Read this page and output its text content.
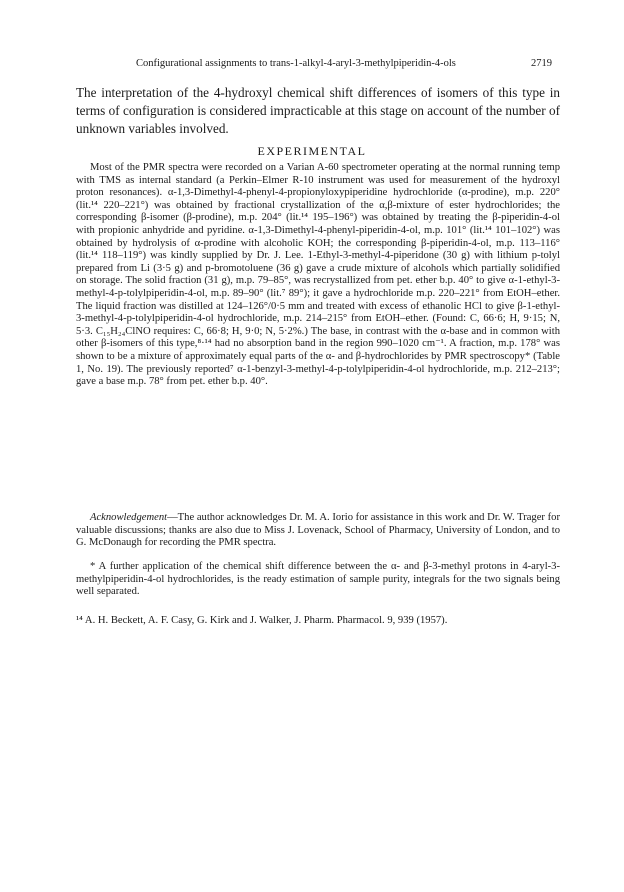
Configurational assignments to trans-1-alkyl-4-aryl-3-methylpiperidin-4-ols	2719
The interpretation of the 4-hydroxyl chemical shift differences of isomers of this type in terms of configuration is considered impracticable at this stage on account of the number of unknown variables involved.
EXPERIMENTAL

Most of the PMR spectra were recorded on a Varian A-60 spectrometer operating at the normal running temp with TMS as internal standard (a Perkin–Elmer R-10 instrument was used for measurement of the hydroxyl proton resonances). α-1,3-Dimethyl-4-phenyl-4-propionyloxypiperidine hydrochloride (α-prodine), m.p. 220° (lit.¹⁴ 220–221°) was obtained by fractional crystallization of the α,β-mixture of ester hydrochlorides; the corresponding β-isomer (β-prodine), m.p. 204° (lit.¹⁴ 195–196°) was obtained by treating the β-piperidin-4-ol with propionic anhydride and pyridine. α-1,3-Dimethyl-4-phenyl-piperidin-4-ol, m.p. 101° (lit.¹⁴ 101–102°) was obtained by hydrolysis of α-prodine with alcoholic KOH; the corresponding β-piperidin-4-ol, m.p. 113–116° (lit.¹⁴ 118–119°) was kindly supplied by Dr. J. Lee. 1-Ethyl-3-methyl-4-piperidone (30 g) with lithium p-tolyl prepared from Li (3·5 g) and p-bromotoluene (36 g) gave a crude mixture of alcohols which partially solidified on storage. The solid fraction (31 g), m.p. 79–85°, was recrystallized from pet. ether b.p. 40° to give α-1-ethyl-3-methyl-4-p-tolylpiperidin-4-ol, m.p. 89–90° (lit.⁷ 89°); it gave a hydrochloride m.p. 220–221° from EtOH–ether. The liquid fraction was distilled at 124–126°/0·5 mm and treated with excess of ethanolic HCl to give β-1-ethyl-3-methyl-4-p-tolylpiperidin-4-ol hydrochloride, m.p. 214–215° from EtOH–ether. (Found: C, 66·6; H, 9·15; N, 5·3. C₁₅H₂₄ClNO requires: C, 66·8; H, 9·0; N, 5·2%.) The base, in contrast with the α-base and in common with other β-isomers of this type,⁸·¹⁴ had no absorption band in the region 990–1020 cm⁻¹. A fraction, m.p. 178° was shown to be a mixture of approximately equal parts of the α- and β-hydrochlorides by PMR spectroscopy* (Table 1, No. 19). The previously reported⁷ α-1-benzyl-3-methyl-4-p-tolylpiperidin-4-ol hydrochloride, m.p. 212–213°; gave a base m.p. 78° from pet. ether b.p. 40°.

Acknowledgement—The author acknowledges Dr. M. A. Iorio for assistance in this work and Dr. W. Trager for valuable discussions; thanks are also due to Miss J. Lovenack, School of Pharmacy, University of London, and to G. McDonaugh for recording the PMR spectra.

* A further application of the chemical shift difference between the α- and β-3-methyl protons in 4-aryl-3-methylpiperidin-4-ol hydrochlorides, is the ready estimation of sample purity, integrals for the two signals being well separated.

¹⁴ A. H. Beckett, A. F. Casy, G. Kirk and J. Walker, J. Pharm. Pharmacol. 9, 939 (1957).
